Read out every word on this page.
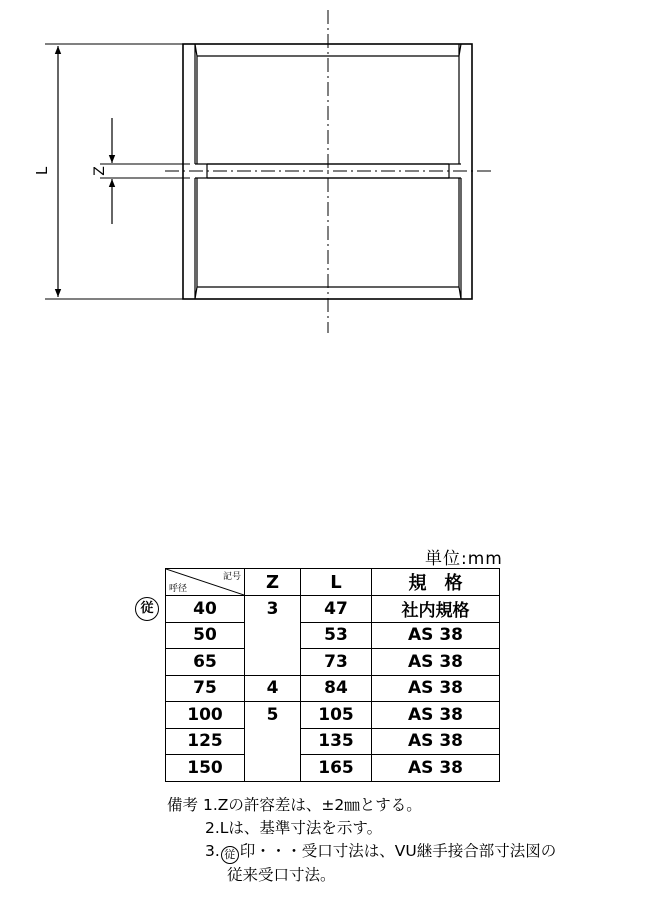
L	Z
単位:mm
従
記号
呼径	Z	L	規　格
40	3	47	社内規格
50		53	AS 38
65		73	AS 38
75	4	84	AS 38
100	5	105	AS 38
125		135	AS 38
150		165	AS 38
備考 1.Zの許容差は、±2㎜とする。
2.Lは、基準寸法を示す。
3. 従 印・・・受口寸法は、VU継手接合部寸法図の
従来受口寸法。
